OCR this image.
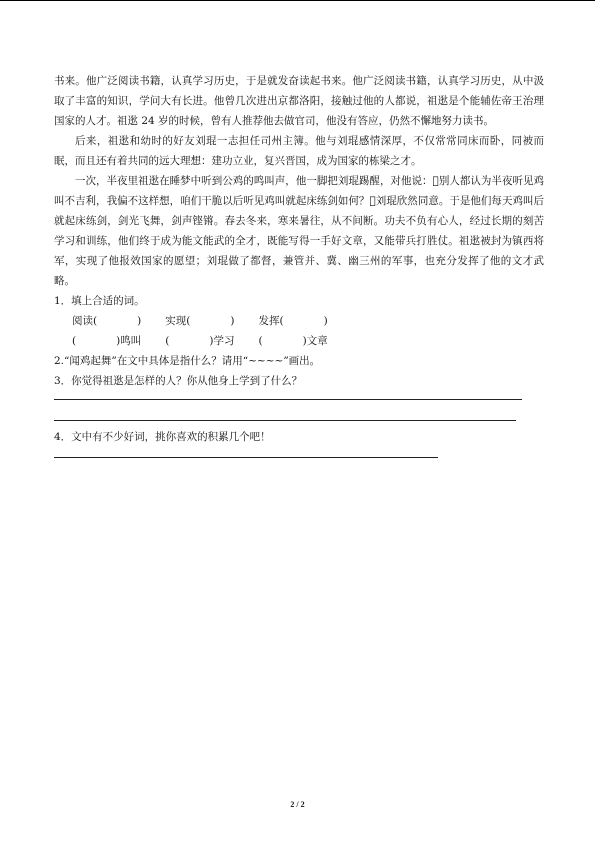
书来。他广泛阅读书籍，认真学习历史，于是就发奋读起书来。他广泛阅读书籍，认真学习历史，从中汲取了丰富的知识，学问大有长进。他曾几次进出京都洛阳，接触过他的人都说，祖逖是个能辅佐帝王治理国家的人才。祖逖 24 岁的时候，曾有人推荐他去做官司，他没有答应，仍然不懈地努力读书。

后来，祖逖和幼时的好友刘琨一志担任司州主簿。他与刘琨感情深厚，不仅常常同床而卧，同被而眠，而且还有着共同的远大理想：建功立业，复兴晋国，成为国家的栋梁之才。

一次，半夜里祖逖在睡梦中听到公鸡的鸣叫声，他一脚把刘琨踢醒，对他说： 别人都认为半夜听见鸡叫不吉利，我偏不这样想，咱们干脆以后听见鸡叫就起床练剑如何？ 刘琨欣然同意。于是他们每天鸡叫后就起床练剑，剑光飞舞，剑声铿锵。春去冬来，寒来暑往，从不间断。功夫不负有心人，经过长期的刻苦学习和训练，他们终于成为能文能武的全才，既能写得一手好文章，又能带兵打胜仗。祖逖被封为镇西将军，实现了他报效国家的愿望；刘琨做了都督，兼管并、冀、幽三州的军事，也充分发挥了他的文才武略。

1．填上合适的词。

阅读(            ) 实现(            ) 发挥(            )
(            )鸣叫 (            )学习 (            )文章

2.“闻鸡起舞”在文中具体是指什么？请用“~~~~”画出。

3．你觉得祖逖是怎样的人？你从他身上学到了什么？

4．文中有不少好词，挑你喜欢的积累几个吧！

2 / 2
